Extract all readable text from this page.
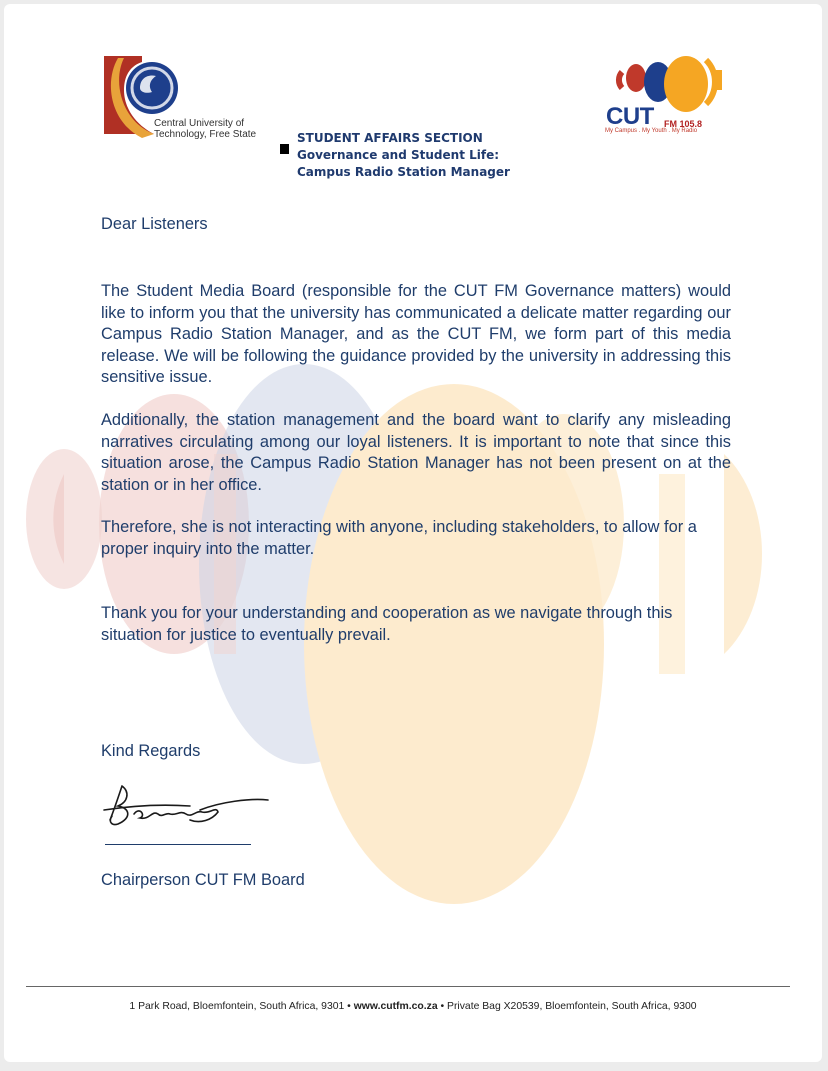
Central University of
Technology, Free State
CUT FM 105.8
My Campus . My Youth . My Radio
STUDENT AFFAIRS SECTION
Governance and Student Life:
Campus Radio Station Manager
Dear Listeners
The Student Media Board (responsible for the CUT FM Governance matters) would like to inform you that the university has communicated a delicate matter regarding our Campus Radio Station Manager, and as the CUT FM, we form part of this media release. We will be following the guidance provided by the university in addressing this sensitive issue.
Additionally, the station management and the board want to clarify any misleading narratives circulating among our loyal listeners. It is important to note that since this situation arose, the Campus Radio Station Manager has not been present on at the station or in her office.
Therefore, she is not interacting with anyone, including stakeholders, to allow for a proper inquiry into the matter.
Thank you for your understanding and cooperation as we navigate through this situation for justice to eventually prevail.
Kind Regards
Chairperson CUT FM Board
1 Park Road, Bloemfontein, South Africa, 9301 • www.cutfm.co.za • Private Bag X20539, Bloemfontein, South Africa, 9300
